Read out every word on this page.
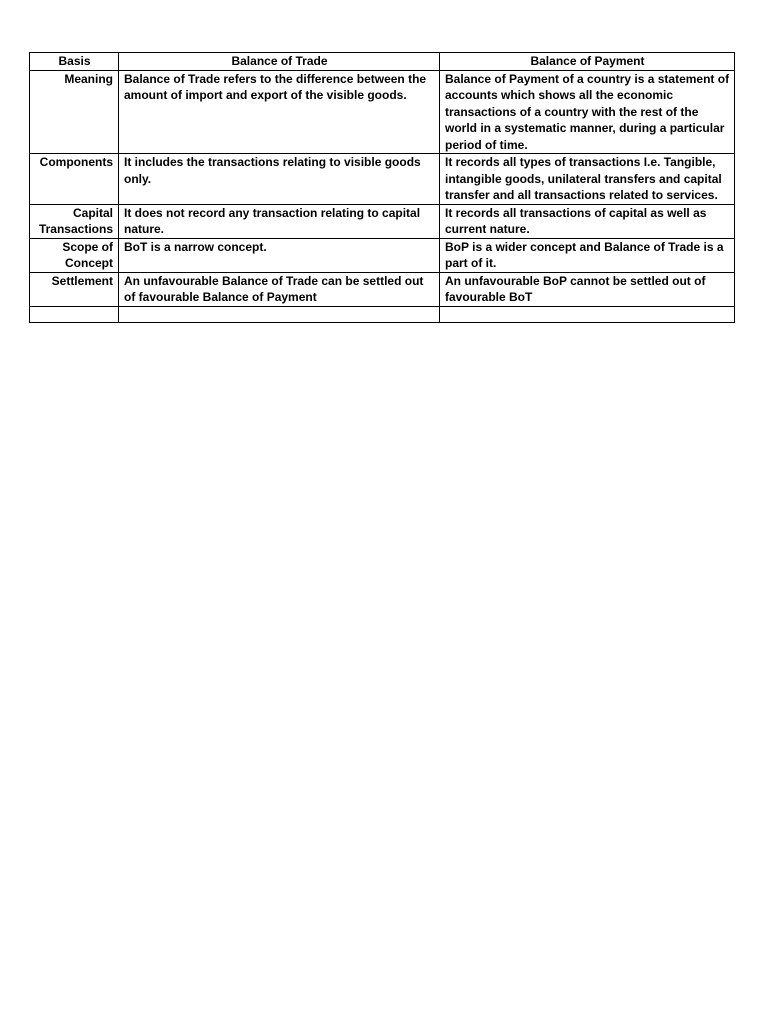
Basis	Balance of Trade	Balance of Payment
Meaning	Balance of Trade refers to the difference between the amount of import and export of the visible goods.	Balance of Payment of a country is a statement of accounts which shows all the economic transactions of a country with the rest of the world in a systematic manner, during a particular period of time.

Components	It includes the transactions relating to visible goods only.	It records all types of transactions I.e. Tangible, intangible goods, unilateral transfers and capital transfer and all transactions related to services.
Capital Transactions	It does not record any transaction relating to capital nature.	It records all transactions of capital as well as current nature.
Scope of Concept	BoT is a narrow concept.	BoP is a wider concept and Balance of Trade is a part of it.
Settlement	An unfavourable Balance of Trade can be settled out of favourable Balance of Payment	An unfavourable BoP cannot be settled out of favourable BoT
